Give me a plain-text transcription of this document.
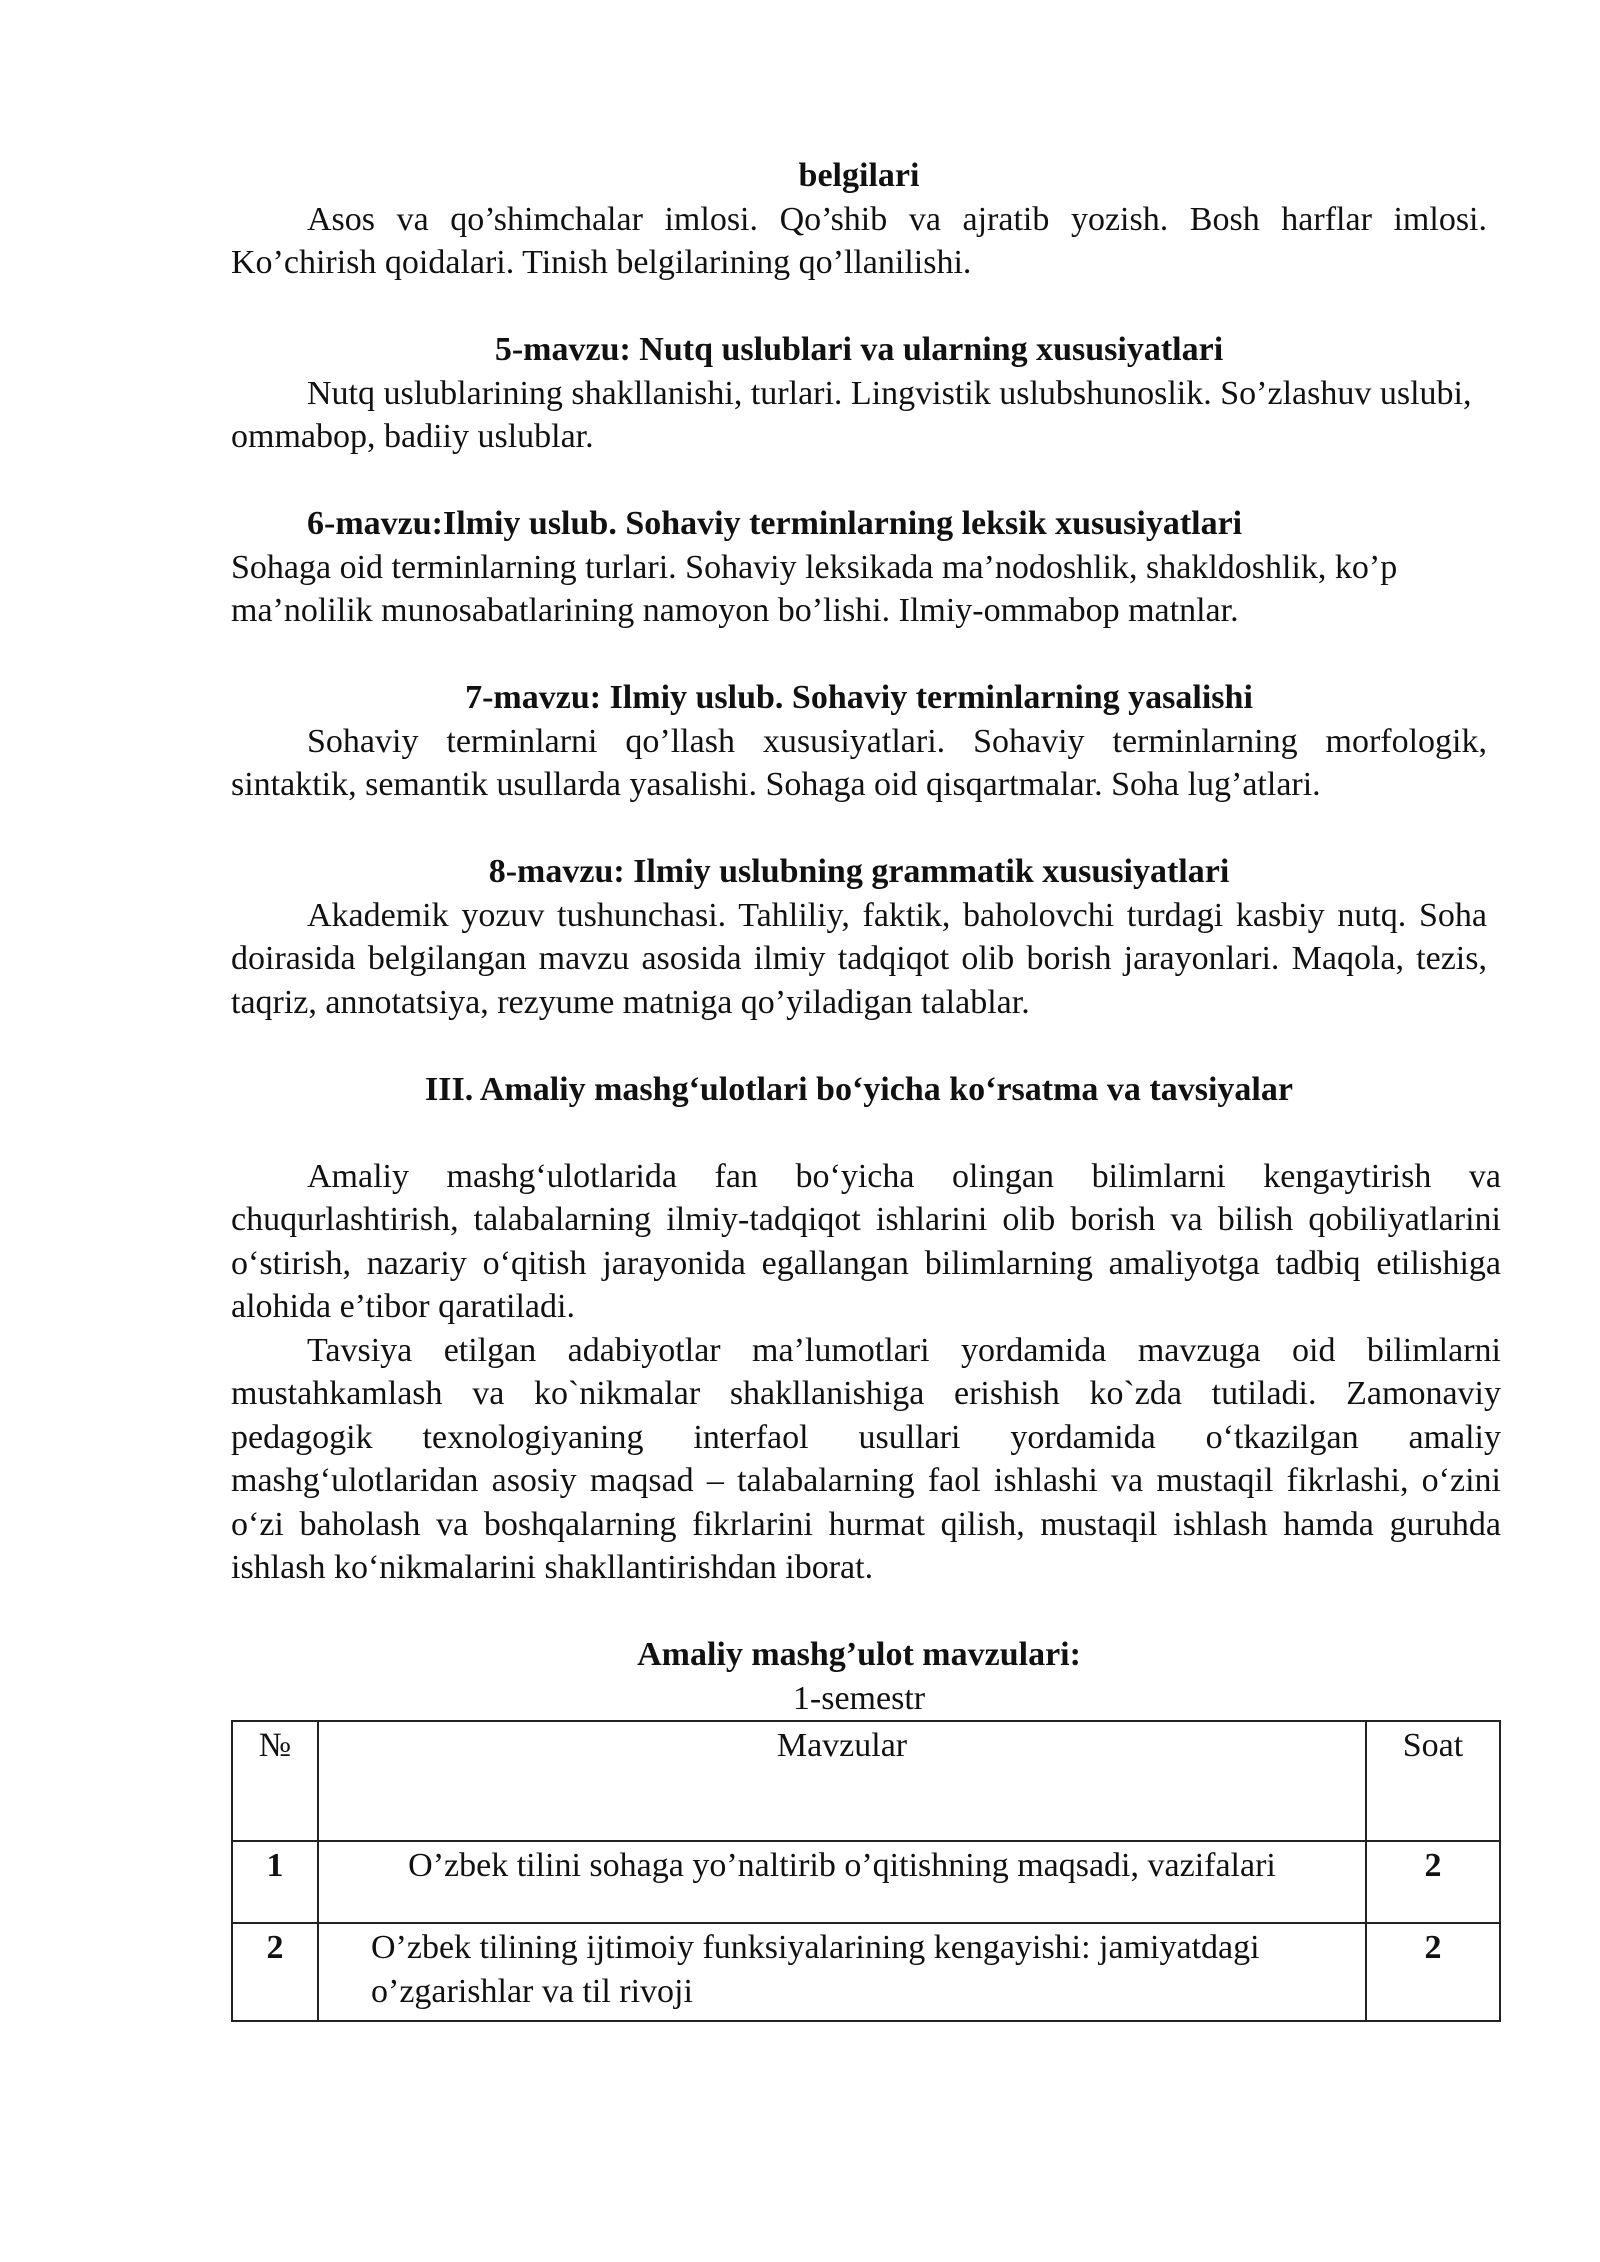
belgilari

Asos va qo’shimchalar imlosi. Qo’shib va ajratib yozish. Bosh harflar imlosi. Ko’chirish qoidalari. Tinish belgilarining qo’llanilishi.

5-mavzu: Nutq uslublari va ularning xususiyatlari

Nutq uslublarining shakllanishi, turlari. Lingvistik uslubshunoslik. So’zlashuv uslubi, ommabop, badiiy uslublar.

6-mavzu:Ilmiy uslub. Sohaviy terminlarning leksik xususiyatlari

Sohaga oid terminlarning turlari. Sohaviy leksikada ma’nodoshlik, shakldoshlik, ko’p ma’nolilik munosabatlarining namoyon bo’lishi. Ilmiy-ommabop matnlar.

7-mavzu: Ilmiy uslub. Sohaviy terminlarning yasalishi

Sohaviy terminlarni qo’llash xususiyatlari. Sohaviy terminlarning morfologik, sintaktik, semantik usullarda yasalishi. Sohaga oid qisqartmalar. Soha lug’atlari.

8-mavzu: Ilmiy uslubning grammatik xususiyatlari

Akademik yozuv tushunchasi. Tahliliy, faktik, baholovchi turdagi kasbiy nutq. Soha doirasida belgilangan mavzu asosida ilmiy tadqiqot olib borish jarayonlari. Maqola, tezis, taqriz, annotatsiya, rezyume matniga qo’yiladigan talablar.

III. Amaliy mashg‘ulotlari bo‘yicha ko‘rsatma va tavsiyalar

Amaliy mashg‘ulotlarida fan bo‘yicha olingan bilimlarni kengaytirish va chuqurlashtirish, talabalarning ilmiy-tadqiqot ishlarini olib borish va bilish qobiliyatlarini o‘stirish, nazariy o‘qitish jarayonida egallangan bilimlarning amaliyotga tadbiq etilishiga alohida e’tibor qaratiladi.

Tavsiya etilgan adabiyotlar ma’lumotlari yordamida mavzuga oid bilimlarni mustahkamlash va ko`nikmalar shakllanishiga erishish ko`zda tutiladi. Zamonaviy pedagogik texnologiyaning interfaol usullari yordamida o‘tkazilgan amaliy mashg‘ulotlaridan asosiy maqsad – talabalarning faol ishlashi va mustaqil fikrlashi, o‘zini o‘zi baholash va boshqalarning fikrlarini hurmat qilish, mustaqil ishlash hamda guruhda ishlash ko‘nikmalarini shakllantirishdan iborat.

Amaliy mashg’ulot mavzulari:

1-semestr

№	Mavzular	Soat
1	O’zbek tilini sohaga yo’naltirib o’qitishning maqsadi, vazifalari	2
2	O’zbek tilining ijtimoiy funksiyalarining kengayishi: jamiyatdagi o’zgarishlar va til rivoji	2
